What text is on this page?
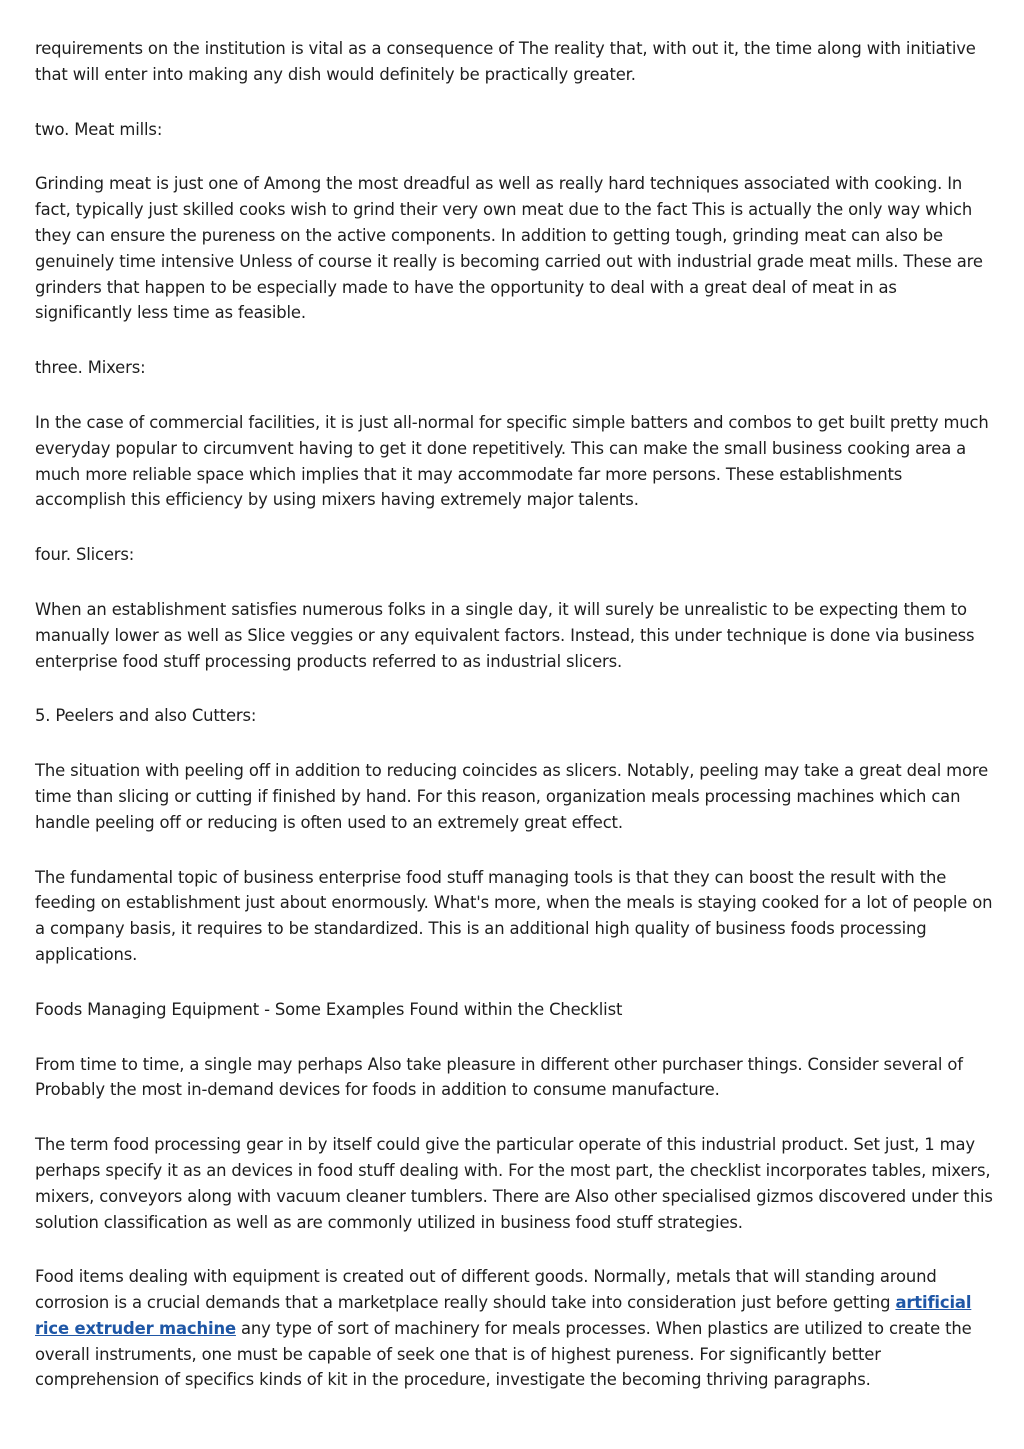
requirements on the institution is vital as a consequence of The reality that, with out it, the time along with initiative that will enter into making any dish would definitely be practically greater.

two. Meat mills:

Grinding meat is just one of Among the most dreadful as well as really hard techniques associated with cooking. In fact, typically just skilled cooks wish to grind their very own meat due to the fact This is actually the only way which they can ensure the pureness on the active components. In addition to getting tough, grinding meat can also be genuinely time intensive Unless of course it really is becoming carried out with industrial grade meat mills. These are grinders that happen to be especially made to have the opportunity to deal with a great deal of meat in as significantly less time as feasible.

three. Mixers:

In the case of commercial facilities, it is just all-normal for specific simple batters and combos to get built pretty much everyday popular to circumvent having to get it done repetitively. This can make the small business cooking area a much more reliable space which implies that it may accommodate far more persons. These establishments accomplish this efficiency by using mixers having extremely major talents.

four. Slicers:

When an establishment satisfies numerous folks in a single day, it will surely be unrealistic to be expecting them to manually lower as well as Slice veggies or any equivalent factors. Instead, this under technique is done via business enterprise food stuff processing products referred to as industrial slicers.

5. Peelers and also Cutters:

The situation with peeling off in addition to reducing coincides as slicers. Notably, peeling may take a great deal more time than slicing or cutting if finished by hand. For this reason, organization meals processing machines which can handle peeling off or reducing is often used to an extremely great effect.

The fundamental topic of business enterprise food stuff managing tools is that they can boost the result with the feeding on establishment just about enormously. What's more, when the meals is staying cooked for a lot of people on a company basis, it requires to be standardized. This is an additional high quality of business foods processing applications.

Foods Managing Equipment - Some Examples Found within the Checklist

From time to time, a single may perhaps Also take pleasure in different other purchaser things. Consider several of Probably the most in-demand devices for foods in addition to consume manufacture.

The term food processing gear in by itself could give the particular operate of this industrial product. Set just, 1 may perhaps specify it as an devices in food stuff dealing with. For the most part, the checklist incorporates tables, mixers, mixers, conveyors along with vacuum cleaner tumblers. There are Also other specialised gizmos discovered under this solution classification as well as are commonly utilized in business food stuff strategies.

Food items dealing with equipment is created out of different goods. Normally, metals that will standing around corrosion is a crucial demands that a marketplace really should take into consideration just before getting artificial rice extruder machine any type of sort of machinery for meals processes. When plastics are utilized to create the overall instruments, one must be capable of seek one that is of highest pureness. For significantly better comprehension of specifics kinds of kit in the procedure, investigate the becoming thriving paragraphs.
